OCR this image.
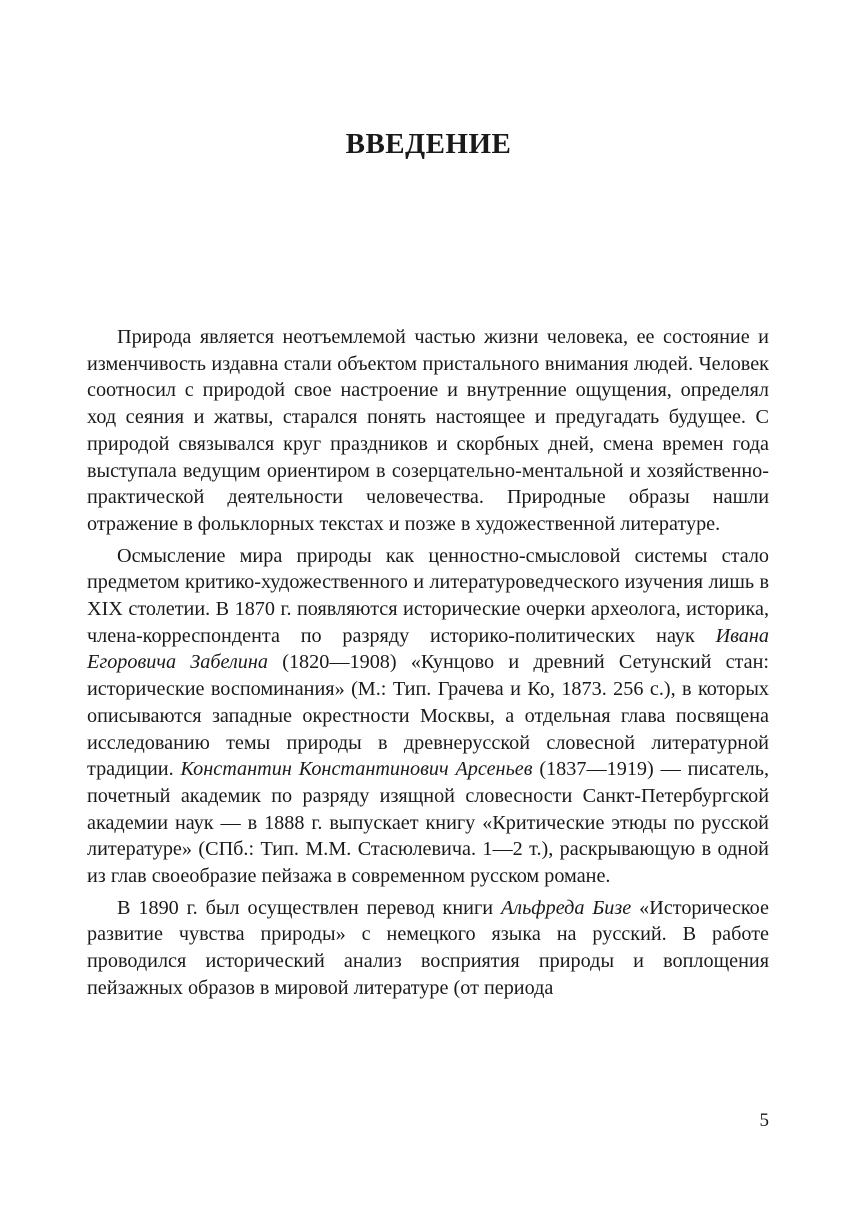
ВВЕДЕНИЕ

Природа является неотъемлемой частью жизни человека, ее состояние и изменчивость издавна стали объектом пристального внимания людей. Человек соотносил с природой свое настроение и внутренние ощущения, определял ход сеяния и жатвы, старался понять настоящее и предугадать будущее. С природой связывался круг праздников и скорбных дней, смена времен года выступала ведущим ориентиром в созерцательно-ментальной и хозяйственно-практической деятельности человечества. Природные образы нашли отражение в фольклорных текстах и позже в художественной литературе.

Осмысление мира природы как ценностно-смысловой системы стало предметом критико-художественного и литературоведческого изучения лишь в XIX столетии. В 1870 г. появляются исторические очерки археолога, историка, члена-корреспондента по разряду историко-политических наук Ивана Егоровича Забелина (1820—1908) «Кунцово и древний Сетунский стан: исторические воспоминания» (М.: Тип. Грачева и Ко, 1873. 256 с.), в которых описываются западные окрестности Москвы, а отдельная глава посвящена исследованию темы природы в древнерусской словесной литературной традиции. Константин Константинович Арсеньев (1837—1919) — писатель, почетный академик по разряду изящной словесности Санкт-Петербургской академии наук — в 1888 г. выпускает книгу «Критические этюды по русской литературе» (СПб.: Тип. М.М. Стасюлевича. 1—2 т.), раскрывающую в одной из глав своеобразие пейзажа в современном русском романе.

В 1890 г. был осуществлен перевод книги Альфреда Бизе «Историческое развитие чувства природы» с немецкого языка на русский. В работе проводился исторический анализ восприятия природы и воплощения пейзажных образов в мировой литературе (от периода

5
